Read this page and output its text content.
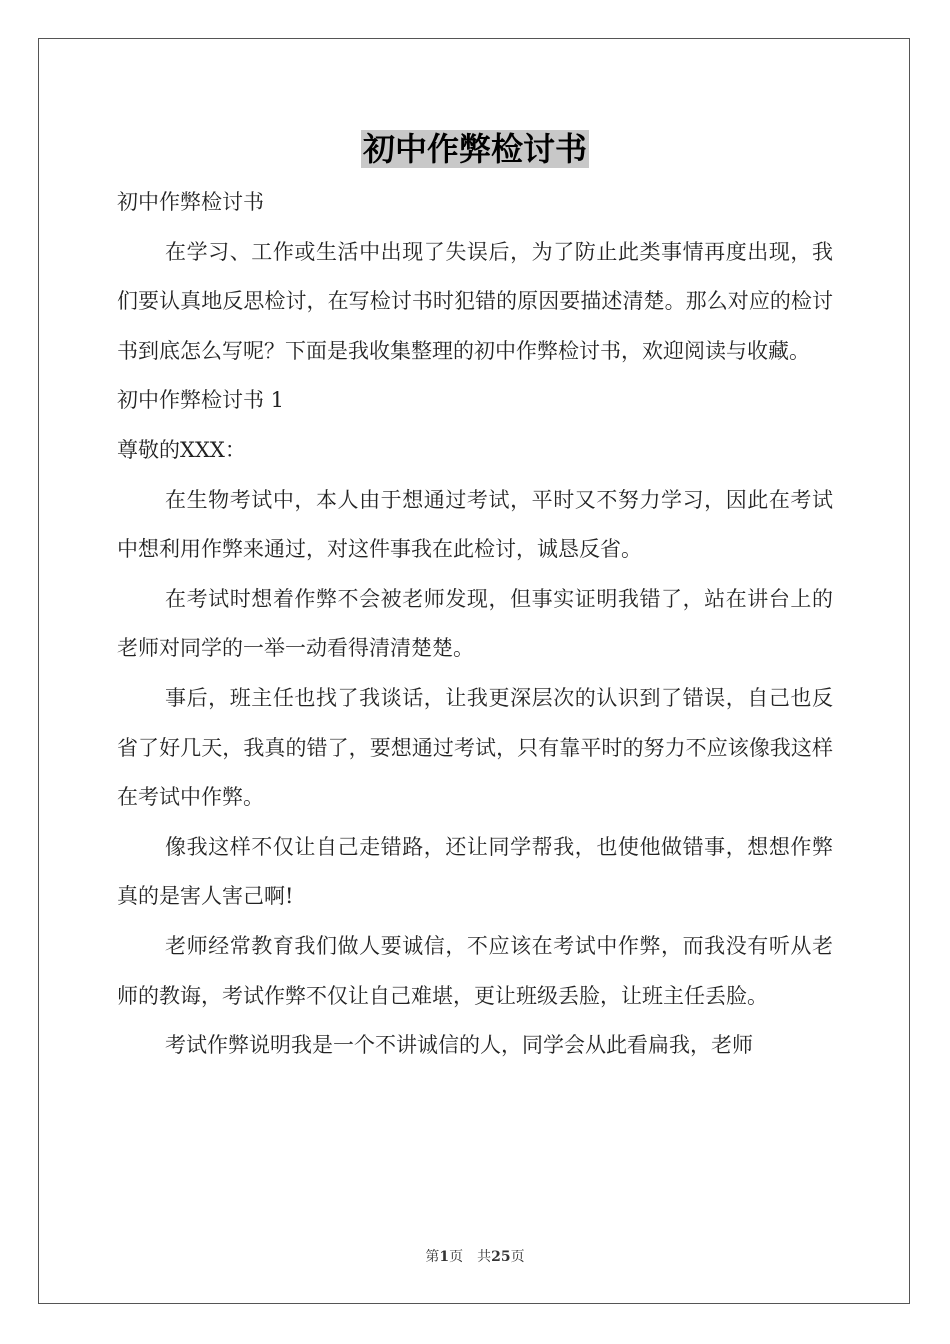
初中作弊检讨书
初中作弊检讨书
在学习、工作或生活中出现了失误后，为了防止此类事情再度出现，我们要认真地反思检讨，在写检讨书时犯错的原因要描述清楚。那么对应的检讨书到底怎么写呢？下面是我收集整理的初中作弊检讨书，欢迎阅读与收藏。
初中作弊检讨书 1
尊敬的XXX：
在生物考试中，本人由于想通过考试，平时又不努力学习，因此在考试中想利用作弊来通过，对这件事我在此检讨，诚恳反省。
在考试时想着作弊不会被老师发现，但事实证明我错了，站在讲台上的老师对同学的一举一动看得清清楚楚。
事后，班主任也找了我谈话，让我更深层次的认识到了错误，自己也反省了好几天，我真的错了，要想通过考试，只有靠平时的努力不应该像我这样在考试中作弊。
像我这样不仅让自己走错路，还让同学帮我，也使他做错事，想想作弊真的是害人害己啊!
老师经常教育我们做人要诚信，不应该在考试中作弊，而我没有听从老师的教诲，考试作弊不仅让自己难堪，更让班级丢脸，让班主任丢脸。
考试作弊说明我是一个不讲诚信的人，同学会从此看扁我，老师
第1页　共25页
